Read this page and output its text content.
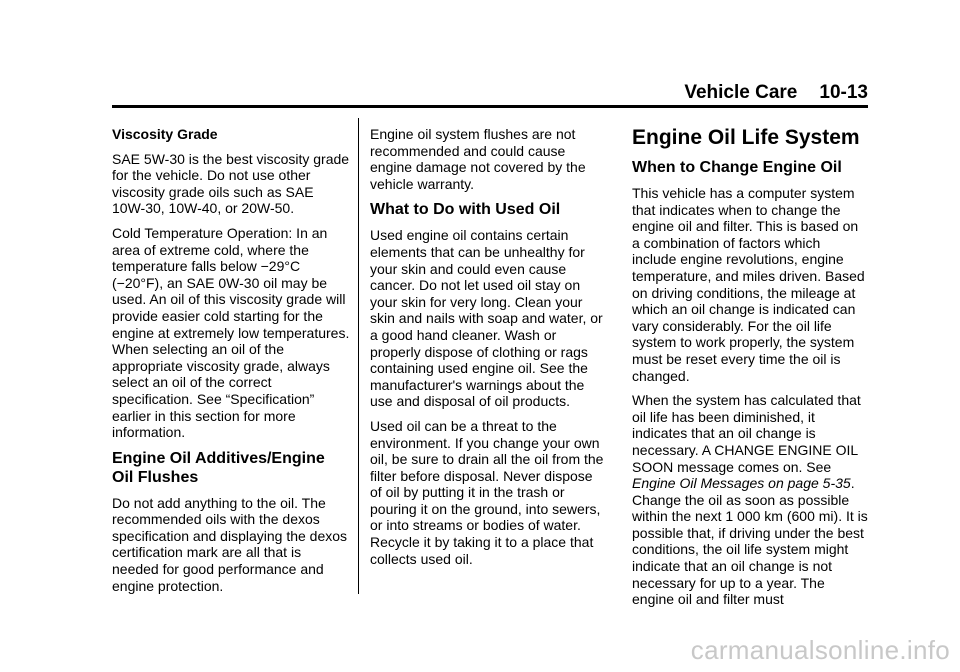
Vehicle Care 10-13
Viscosity Grade

SAE 5W-30 is the best viscosity grade for the vehicle. Do not use other viscosity grade oils such as SAE 10W-30, 10W-40, or 20W-50.

Cold Temperature Operation: In an area of extreme cold, where the temperature falls below −29°C (−20°F), an SAE 0W-30 oil may be used. An oil of this viscosity grade will provide easier cold starting for the engine at extremely low temperatures. When selecting an oil of the appropriate viscosity grade, always select an oil of the correct specification. See “Specification” earlier in this section for more information.

Engine Oil Additives/Engine Oil Flushes

Do not add anything to the oil. The recommended oils with the dexos specification and displaying the dexos certification mark are all that is needed for good performance and engine protection.

Engine oil system flushes are not recommended and could cause engine damage not covered by the vehicle warranty.

What to Do with Used Oil

Used engine oil contains certain elements that can be unhealthy for your skin and could even cause cancer. Do not let used oil stay on your skin for very long. Clean your skin and nails with soap and water, or a good hand cleaner. Wash or properly dispose of clothing or rags containing used engine oil. See the manufacturer's warnings about the use and disposal of oil products.

Used oil can be a threat to the environment. If you change your own oil, be sure to drain all the oil from the filter before disposal. Never dispose of oil by putting it in the trash or pouring it on the ground, into sewers, or into streams or bodies of water. Recycle it by taking it to a place that collects used oil.

Engine Oil Life System
When to Change Engine Oil

This vehicle has a computer system that indicates when to change the engine oil and filter. This is based on a combination of factors which include engine revolutions, engine temperature, and miles driven. Based on driving conditions, the mileage at which an oil change is indicated can vary considerably. For the oil life system to work properly, the system must be reset every time the oil is changed.

When the system has calculated that oil life has been diminished, it indicates that an oil change is necessary. A CHANGE ENGINE OIL SOON message comes on. See Engine Oil Messages on page 5-35. Change the oil as soon as possible within the next 1 000 km (600 mi). It is possible that, if driving under the best conditions, the oil life system might indicate that an oil change is not necessary for up to a year. The engine oil and filter must

carmanualsonline.info
